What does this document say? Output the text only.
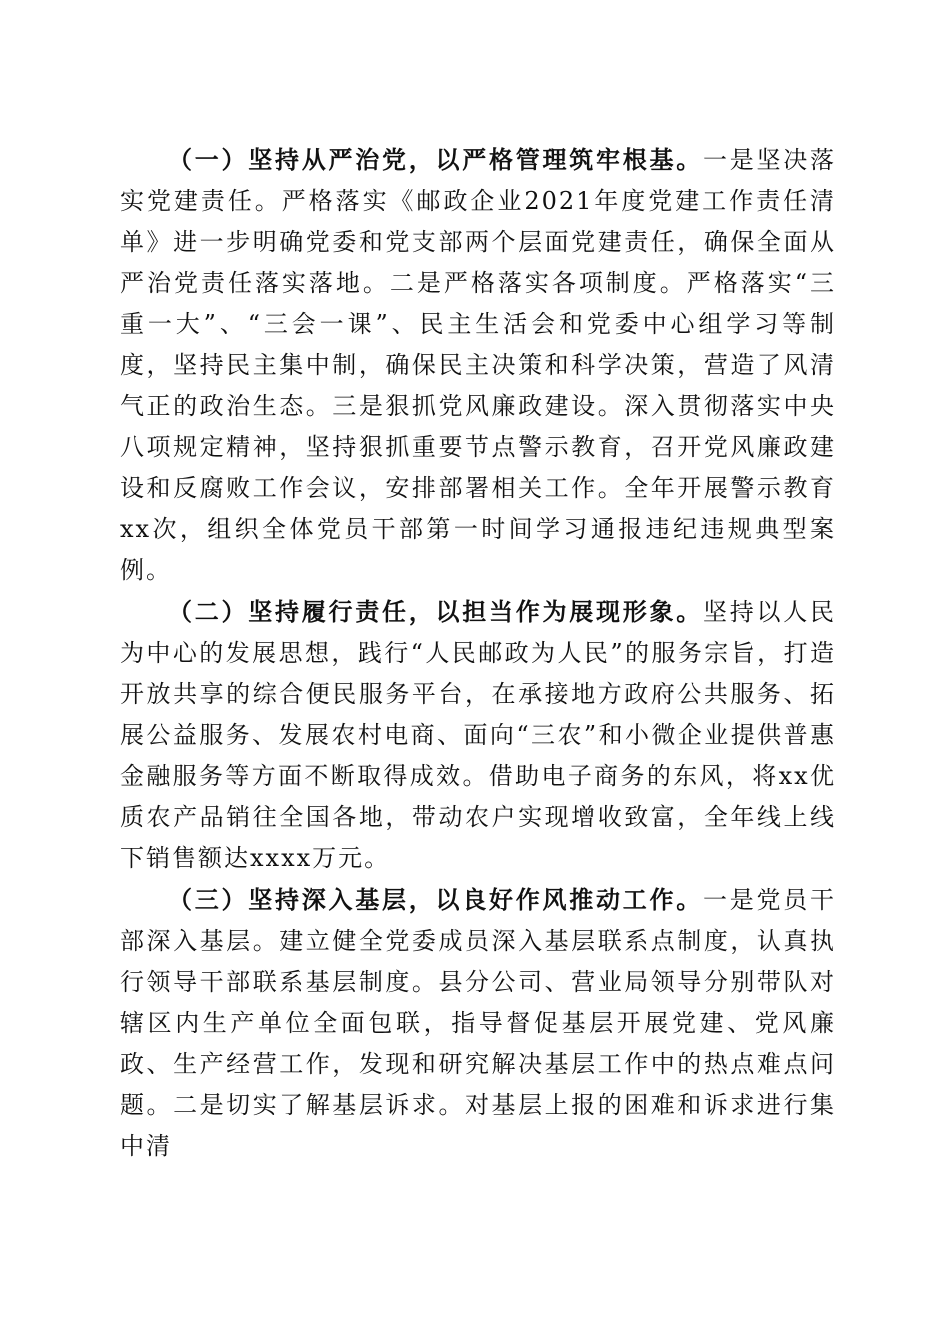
（一）坚持从严治党，以严格管理筑牢根基。一是坚决落实党建责任。严格落实《邮政企业2021年度党建工作责任清单》进一步明确党委和党支部两个层面党建责任，确保全面从严治党责任落实落地。二是严格落实各项制度。严格落实“三重一大”、“三会一课”、民主生活会和党委中心组学习等制度，坚持民主集中制，确保民主决策和科学决策，营造了风清气正的政治生态。三是狠抓党风廉政建设。深入贯彻落实中央八项规定精神，坚持狠抓重要节点警示教育，召开党风廉政建设和反腐败工作会议，安排部署相关工作。全年开展警示教育xx次，组织全体党员干部第一时间学习通报违纪违规典型案例。

（二）坚持履行责任，以担当作为展现形象。坚持以人民为中心的发展思想，践行“人民邮政为人民”的服务宗旨，打造开放共享的综合便民服务平台，在承接地方政府公共服务、拓展公益服务、发展农村电商、面向“三农”和小微企业提供普惠金融服务等方面不断取得成效。借助电子商务的东风，将xx优质农产品销往全国各地，带动农户实现增收致富，全年线上线下销售额达xxxx万元。

（三）坚持深入基层，以良好作风推动工作。一是党员干部深入基层。建立健全党委成员深入基层联系点制度，认真执行领导干部联系基层制度。县分公司、营业局领导分别带队对辖区内生产单位全面包联，指导督促基层开展党建、党风廉政、生产经营工作，发现和研究解决基层工作中的热点难点问题。二是切实了解基层诉求。对基层上报的困难和诉求进行集中清
